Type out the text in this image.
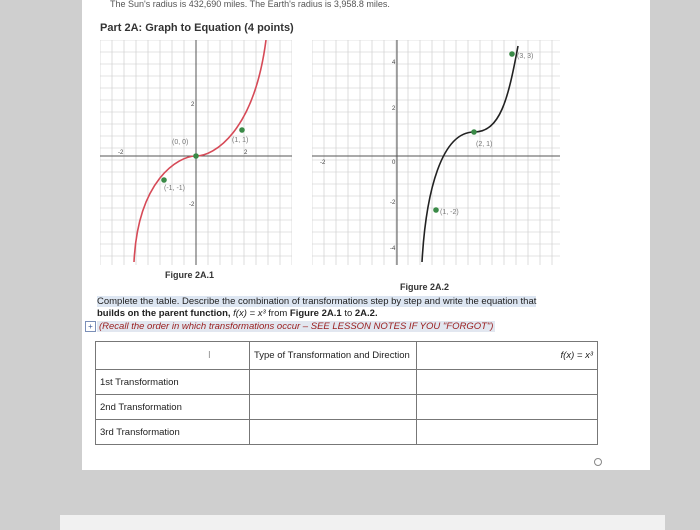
The Sun's radius is 432,690 miles. The Earth's radius is 3,958.8 miles.
Part 2A: Graph to Equation (4 points)
2
-2
2
-2
(0, 0)	(1, 1)
(-1, -1)
4
2
-2	0
-2
-4
(3, 3)
(2, 1)
(1, -2)
Figure 2A.1
Figure 2A.2
Complete the table. Describe the combination of transformations step by step and write the equation that
builds on the parent function, f(x) = x³ from Figure 2A.1 to 2A.2.
+ (Recall the order in which transformations occur – SEE LESSON NOTES IF YOU "FORGOT")
I	Type of Transformation and Direction	f(x) = x³
1st Transformation		
2nd Transformation		
3rd Transformation		
